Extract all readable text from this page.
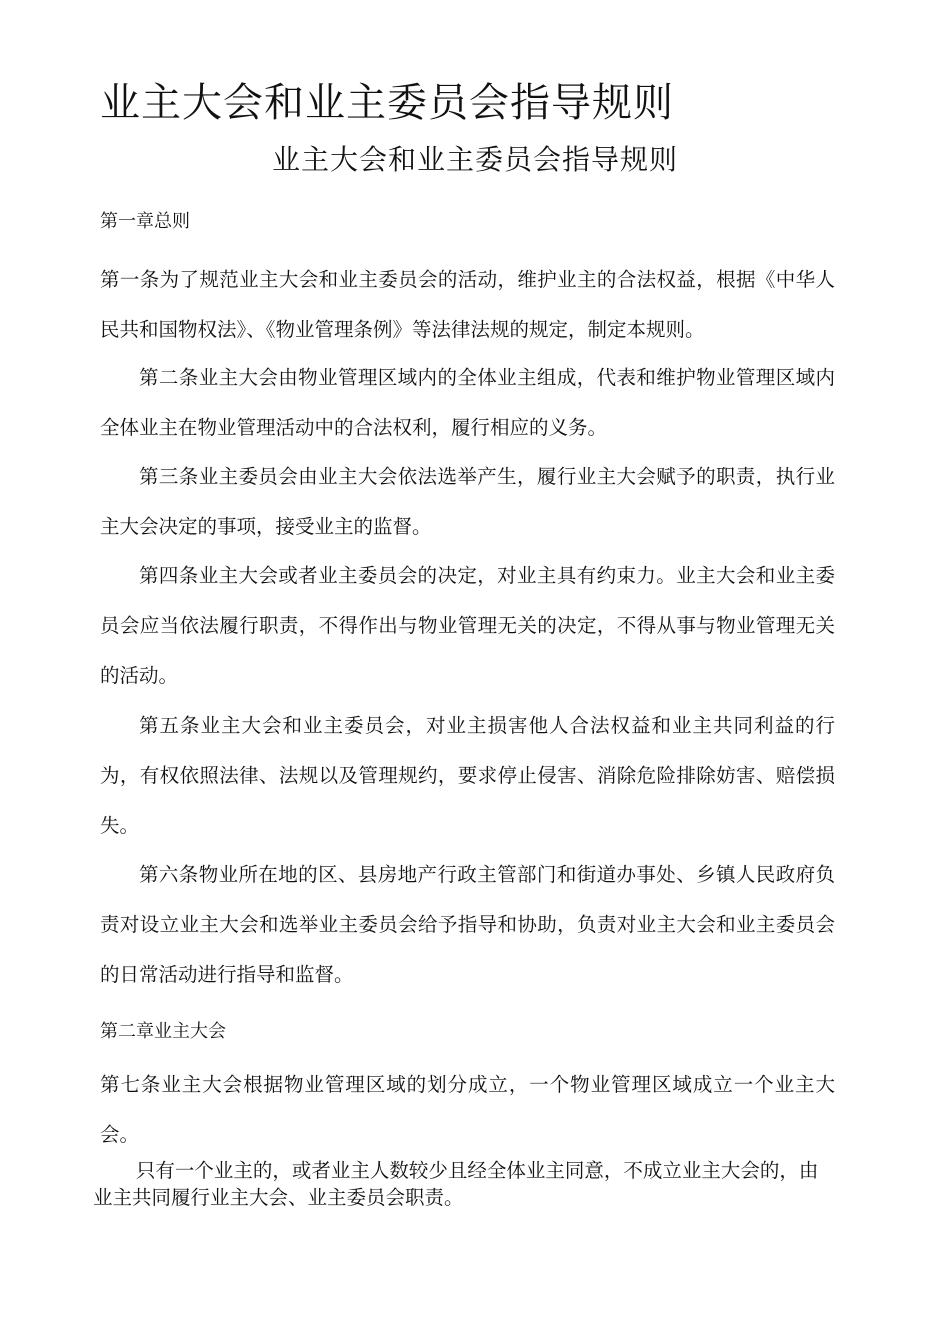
业主大会和业主委员会指导规则
业主大会和业主委员会指导规则
第一章总则

第一条为了规范业主大会和业主委员会的活动，维护业主的合法权益，根据《中华人民共和国物权法》、《物业管理条例》等法律法规的规定，制定本规则。

第二条业主大会由物业管理区域内的全体业主组成，代表和维护物业管理区域内全体业主在物业管理活动中的合法权利，履行相应的义务。

第三条业主委员会由业主大会依法选举产生，履行业主大会赋予的职责，执行业主大会决定的事项，接受业主的监督。

第四条业主大会或者业主委员会的决定，对业主具有约束力。业主大会和业主委员会应当依法履行职责，不得作出与物业管理无关的决定，不得从事与物业管理无关的活动。

第五条业主大会和业主委员会，对业主损害他人合法权益和业主共同利益的行为，有权依照法律、法规以及管理规约，要求停止侵害、消除危险排除妨害、赔偿损失。

第六条物业所在地的区、县房地产行政主管部门和街道办事处、乡镇人民政府负责对设立业主大会和选举业主委员会给予指导和协助，负责对业主大会和业主委员会的日常活动进行指导和监督。

第二章业主大会

第七条业主大会根据物业管理区域的划分成立，一个物业管理区域成立一个业主大会。

只有一个业主的，或者业主人数较少且经全体业主同意，不成立业主大会的，由业主共同履行业主大会、业主委员会职责。
